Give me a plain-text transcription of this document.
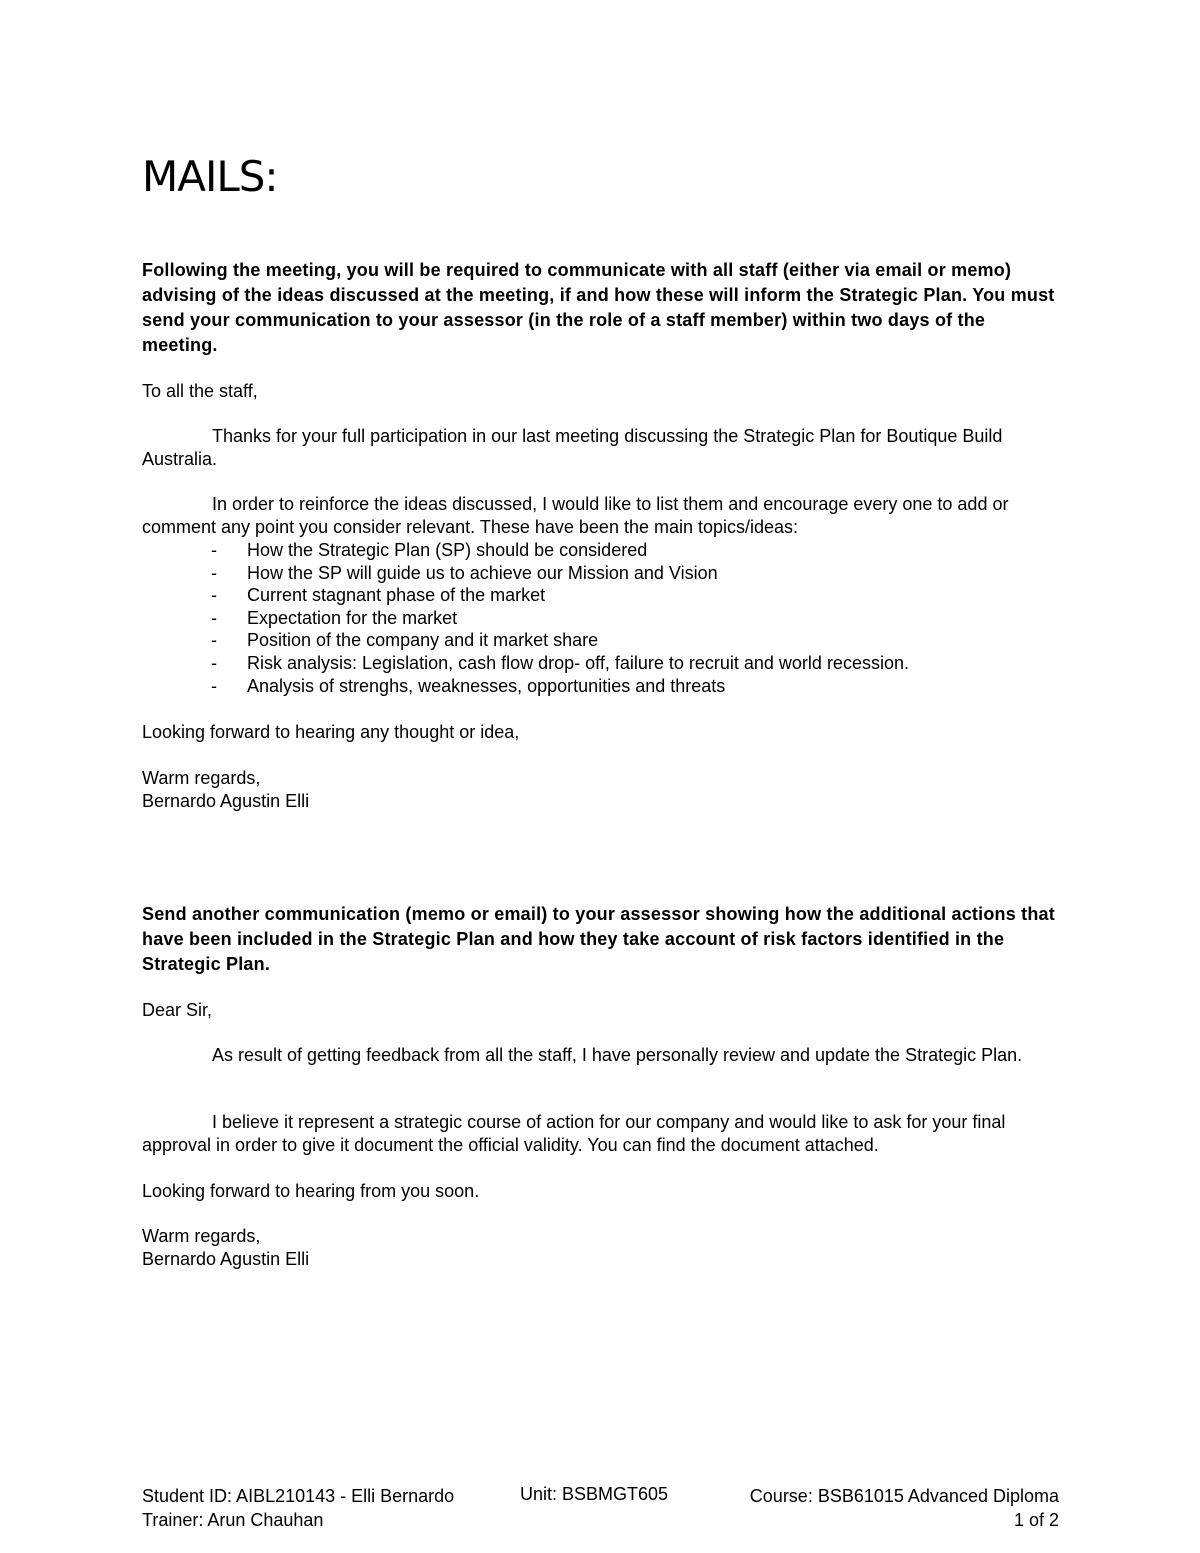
MAILS:
Following the meeting, you will be required to communicate with all staff (either via email or memo) advising of the ideas discussed at the meeting, if and how these will inform the Strategic Plan. You must send your communication to your assessor (in the role of a staff member) within two days of the meeting.
To all the staff,

Thanks for your full participation in our last meeting discussing the Strategic Plan for Boutique Build Australia.

In order to reinforce the ideas discussed, I would like to list them and encourage every one to add or comment any point you consider relevant. These have been the main topics/ideas:

- How the Strategic Plan (SP) should be considered
- How the SP will guide us to achieve our Mission and Vision
- Current stagnant phase of the market
- Expectation for the market
- Position of the company and it market share
- Risk analysis: Legislation, cash flow drop- off, failure to recruit and world recession.
- Analysis of strenghs, weaknesses, opportunities and threats
Looking forward to hearing any thought or idea,
Warm regards,
Bernardo Agustin Elli
Send another communication (memo or email) to your assessor showing how the additional actions that have been included in the Strategic Plan and how they take account of risk factors identified in the Strategic Plan.
Dear Sir,

As result of getting feedback from all the staff, I have personally review and update the Strategic Plan.

I believe it represent a strategic course of action for our company and would like to ask for your final approval in order to give it document the official validity. You can find the document attached.

Looking forward to hearing from you soon.
Warm regards,
Bernardo Agustin Elli
Student ID: AIBL210143 - Elli Bernardo
Trainer: Arun Chauhan
Unit: BSBMGT605	Course: BSB61015 Advanced Diploma
1 of 2
